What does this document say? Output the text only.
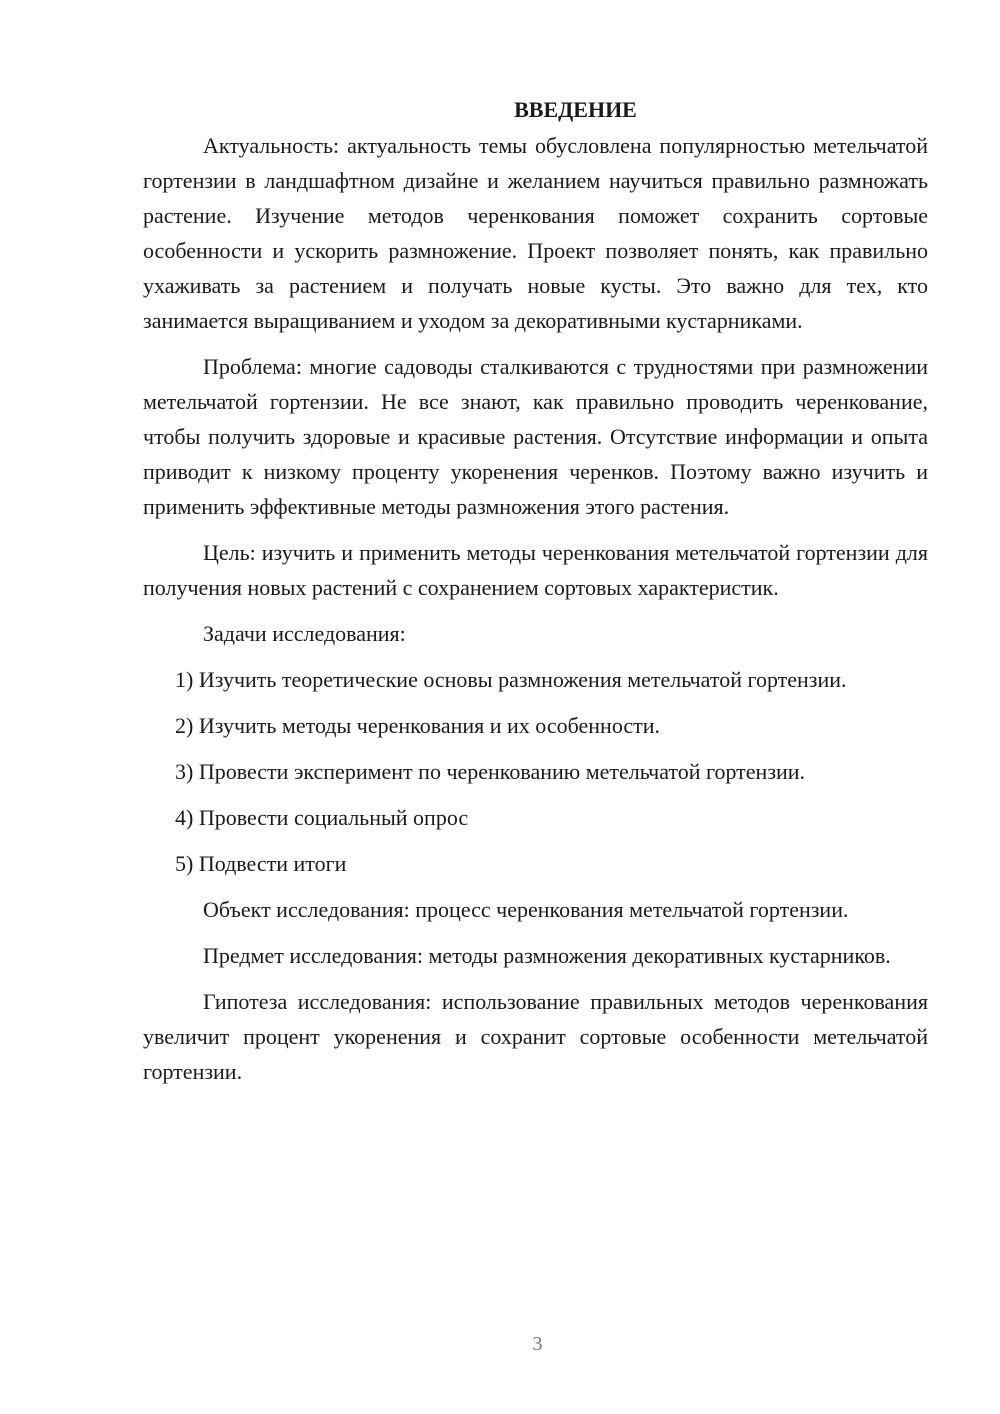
ВВЕДЕНИЕ

Актуальность: актуальность темы обусловлена популярностью метельчатой гортензии в ландшафтном дизайне и желанием научиться правильно размножать растение. Изучение методов черенкования поможет сохранить сортовые особенности и ускорить размножение. Проект позволяет понять, как правильно ухаживать за растением и получать новые кусты. Это важно для тех, кто занимается выращиванием и уходом за декоративными кустарниками.

Проблема: многие садоводы сталкиваются с трудностями при размножении метельчатой гортензии. Не все знают, как правильно проводить черенкование, чтобы получить здоровые и красивые растения. Отсутствие информации и опыта приводит к низкому проценту укоренения черенков. Поэтому важно изучить и применить эффективные методы размножения этого растения.

Цель: изучить и применить методы черенкования метельчатой гортензии для получения новых растений с сохранением сортовых характеристик.

Задачи исследования:

1) Изучить теоретические основы размножения метельчатой гортензии.

2) Изучить методы черенкования и их особенности.

3) Провести эксперимент по черенкованию метельчатой гортензии.

4) Провести социальный опрос

5) Подвести итоги

Объект исследования: процесс черенкования метельчатой гортензии.

Предмет исследования: методы размножения декоративных кустарников.

Гипотеза исследования: использование правильных методов черенкования увеличит процент укоренения и сохранит сортовые особенности метельчатой гортензии.

3
